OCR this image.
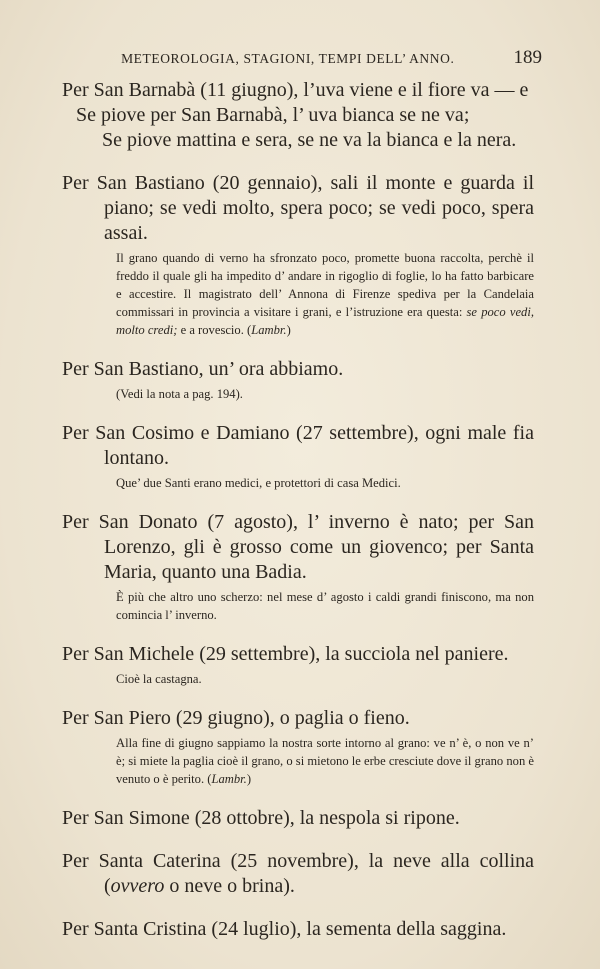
METEOROLOGIA, STAGIONI, TEMPI DELL’ ANNO.	189

Per San Barnabà (11 giugno), l’uva viene e il fiore va — e

Se piove per San Barnabà, l’ uva bianca se ne va;

Se piove mattina e sera, se ne va la bianca e la nera.

Per San Bastiano (20 gennaio), sali il monte e guarda il piano; se vedi molto, spera poco; se vedi poco, spera assai.

Il grano quando di verno ha sfronzato poco, promette buona raccolta, perchè il freddo il quale gli ha impedito d’ andare in rigoglio di foglie, lo ha fatto barbicare e accestire. Il magistrato dell’ Annona di Firenze spediva per la Candelaia commissari in provincia a visitare i grani, e l’istruzione era questa: se poco vedi, molto credi; e a rovescio. (Lambr.)

Per San Bastiano, un’ ora abbiamo.

(Vedi la nota a pag. 194).

Per San Cosimo e Damiano (27 settembre), ogni male fia lontano.

Que’ due Santi erano medici, e protettori di casa Medici.

Per San Donato (7 agosto), l’ inverno è nato; per San Lorenzo, gli è grosso come un giovenco; per Santa Maria, quanto una Badia.

È più che altro uno scherzo: nel mese d’ agosto i caldi grandi finiscono, ma non comincia l’ inverno.

Per San Michele (29 settembre), la succiola nel paniere.

Cioè la castagna.

Per San Piero (29 giugno), o paglia o fieno.

Alla fine di giugno sappiamo la nostra sorte intorno al grano: ve n’ è, o non ve n’ è; si miete la paglia cioè il grano, o si mietono le erbe cresciute dove il grano non è venuto o è perito. (Lambr.)

Per San Simone (28 ottobre), la nespola si ripone.

Per Santa Caterina (25 novembre), la neve alla collina (ovvero o neve o brina).

Per Santa Cristina (24 luglio), la sementa della saggina.
